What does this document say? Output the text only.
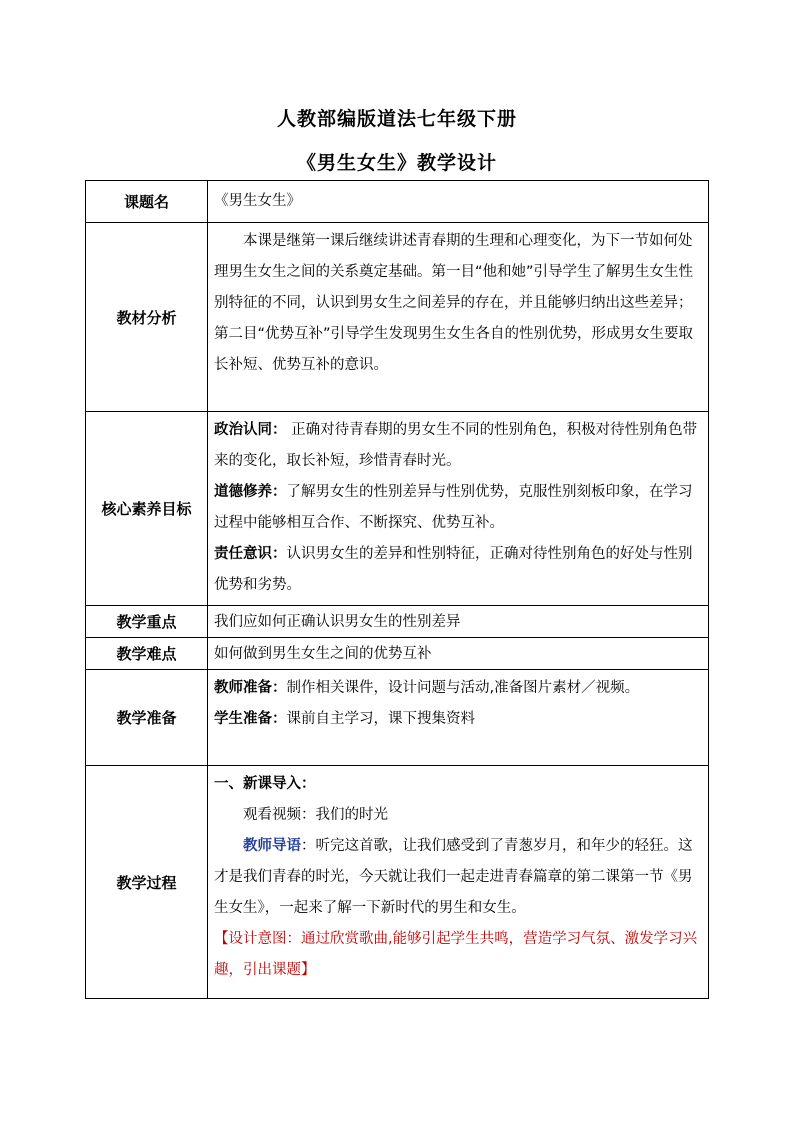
人教部编版道法七年级下册
《男生女生》教学设计
课题名	《男生女生》
教材分析	本课是继第一课后继续讲述青春期的生理和心理变化，为下一节如何处理男生女生之间的关系奠定基础。第一目“他和她”引导学生了解男生女生性别特征的不同，认识到男女生之间差异的存在，并且能够归纳出这些差异；第二目“优势互补”引导学生发现男生女生各自的性别优势，形成男女生要取长补短、优势互补的意识。

核心素养目标	政治认同： 正确对待青春期的男女生不同的性别角色，积极对待性别角色带来的变化，取长补短，珍惜青春时光。

道德修养：了解男女生的性别差异与性别优势，克服性别刻板印象，在学习过程中能够相互合作、不断探究、优势互补。

责任意识：认识男女生的差异和性别特征，正确对待性别角色的好处与性别优势和劣势。

教学重点	我们应如何正确认识男女生的性别差异
教学难点	如何做到男生女生之间的优势互补
教学准备	教师准备：制作相关课件，设计问题与活动,准备图片素材／视频。

学生准备：课前自主学习，课下搜集资料

教学过程	一、新课导入：

观看视频：我们的时光

教师导语：听完这首歌，让我们感受到了青葱岁月，和年少的轻狂。这才是我们青春的时光，今天就让我们一起走进青春篇章的第二课第一节《男生女生》，一起来了解一下新时代的男生和女生。

【设计意图：通过欣赏歌曲,能够引起学生共鸣，营造学习气氛、激发学习兴趣，引出课题】
